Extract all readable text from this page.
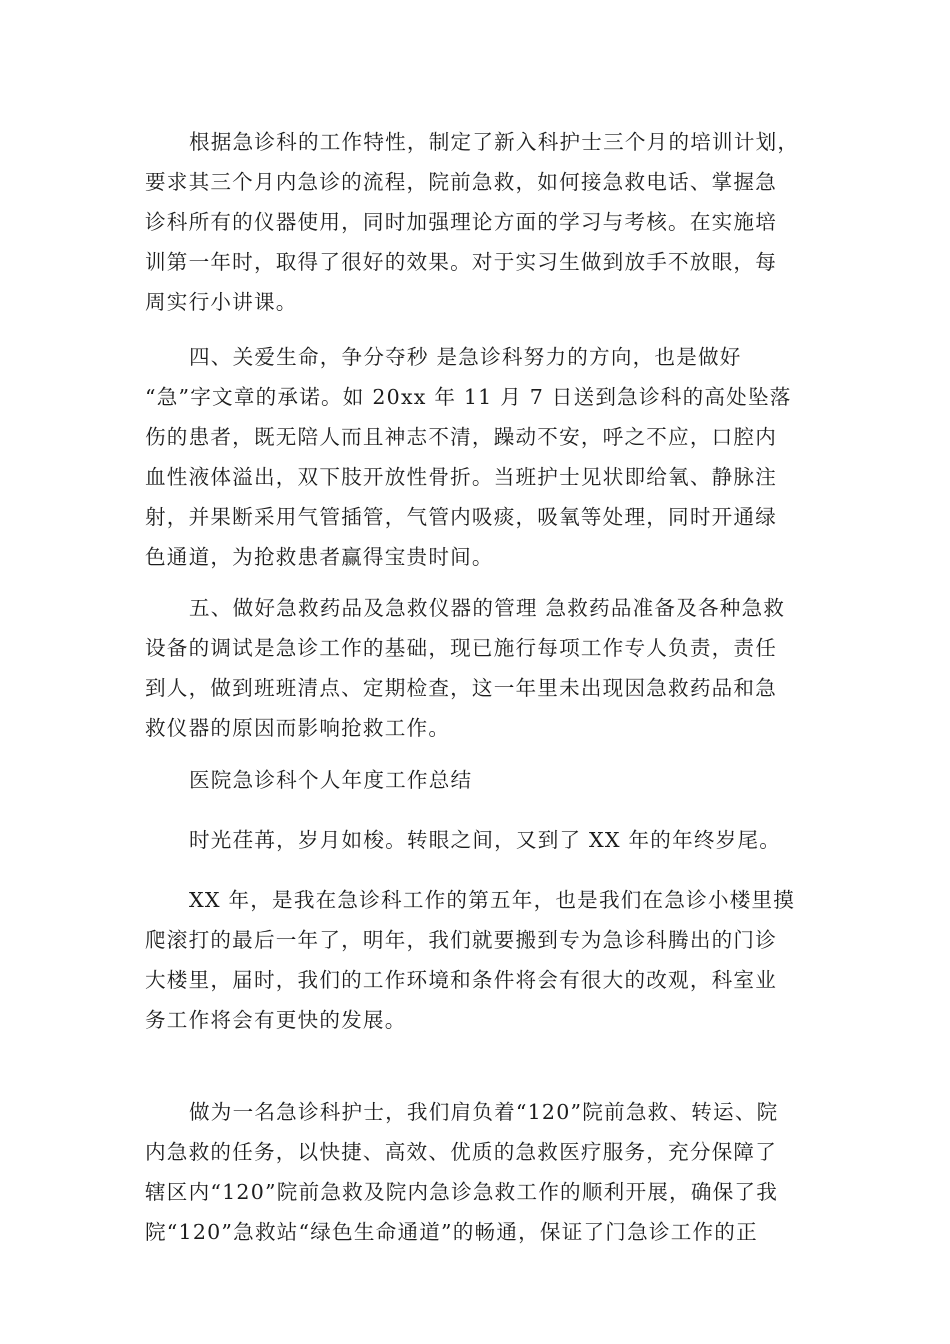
根据急诊科的工作特性，制定了新入科护士三个月的培训计划，
要求其三个月内急诊的流程，院前急救，如何接急救电话、掌握急
诊科所有的仪器使用，同时加强理论方面的学习与考核。在实施培
训第一年时，取得了很好的效果。对于实习生做到放手不放眼，每
周实行小讲课。
四、关爱生命，争分夺秒 是急诊科努力的方向，也是做好
“急”字文章的承诺。如 20xx 年 11 月 7 日送到急诊科的高处坠落
伤的患者，既无陪人而且神志不清，躁动不安，呼之不应，口腔内
血性液体溢出，双下肢开放性骨折。当班护士见状即给氧、静脉注
射，并果断采用气管插管，气管内吸痰，吸氧等处理，同时开通绿
色通道，为抢救患者赢得宝贵时间。
五、做好急救药品及急救仪器的管理 急救药品准备及各种急救
设备的调试是急诊工作的基础，现已施行每项工作专人负责，责任
到人，做到班班清点、定期检查，这一年里未出现因急救药品和急
救仪器的原因而影响抢救工作。
医院急诊科个人年度工作总结
时光荏苒，岁月如梭。转眼之间，又到了 XX 年的年终岁尾。
XX 年，是我在急诊科工作的第五年，也是我们在急诊小楼里摸
爬滚打的最后一年了，明年，我们就要搬到专为急诊科腾出的门诊
大楼里，届时，我们的工作环境和条件将会有很大的改观，科室业
务工作将会有更快的发展。
做为一名急诊科护士，我们肩负着“120”院前急救、转运、院
内急救的任务，以快捷、高效、优质的急救医疗服务，充分保障了
辖区内“120”院前急救及院内急诊急救工作的顺利开展，确保了我
院“120”急救站“绿色生命通道”的畅通，保证了门急诊工作的正
